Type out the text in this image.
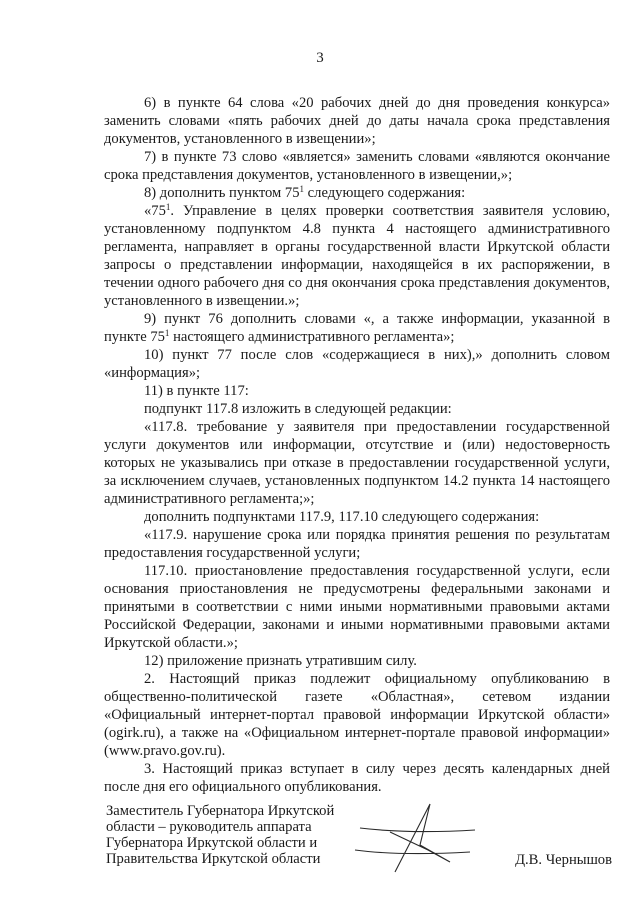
3

6) в пункте 64 слова «20 рабочих дней до дня проведения конкурса» заменить словами «пять рабочих дней до даты начала срока представления документов, установленного в извещении»;

7) в пункте 73 слово «является» заменить словами «являются окончание срока представления документов, установленного в извещении,»;

8) дополнить пунктом $75^1$ следующего содержания:

«$75^1$. Управление в целях проверки соответствия заявителя условию, установленному подпунктом 4.8 пункта 4 настоящего административного регламента, направляет в органы государственной власти Иркутской области запросы о представлении информации, находящейся в их распоряжении, в течении одного рабочего дня со дня окончания срока представления документов, установленного в извещении.»;

9) пункт 76 дополнить словами «, а также информации, указанной в пункте $75^1$ настоящего административного регламента»;

10) пункт 77 после слов «содержащиеся в них),» дополнить словом «информация»;

11) в пункте 117:

подпункт 117.8 изложить в следующей редакции:

«117.8. требование у заявителя при предоставлении государственной услуги документов или информации, отсутствие и (или) недостоверность которых не указывались при отказе в предоставлении государственной услуги, за исключением случаев, установленных подпунктом 14.2 пункта 14 настоящего административного регламента;»;

дополнить подпунктами 117.9, 117.10 следующего содержания:

«117.9. нарушение срока или порядка принятия решения по результатам предоставления государственной услуги;

117.10. приостановление предоставления государственной услуги, если основания приостановления не предусмотрены федеральными законами и принятыми в соответствии с ними иными нормативными правовыми актами Российской Федерации, законами и иными нормативными правовыми актами Иркутской области.»;

12) приложение признать утратившим силу.

2. Настоящий приказ подлежит официальному опубликованию в общественно-политической газете «Областная», сетевом издании «Официальный интернет-портал правовой информации Иркутской области» (ogirk.ru), а также на «Официальном интернет-портале правовой информации» (www.pravo.gov.ru).

3. Настоящий приказ вступает в силу через десять календарных дней после дня его официального опубликования.

Заместитель Губернатора Иркутской
области – руководитель аппарата
Губернатора Иркутской области и
Правительства Иркутской области	Д.В. Чернышов
